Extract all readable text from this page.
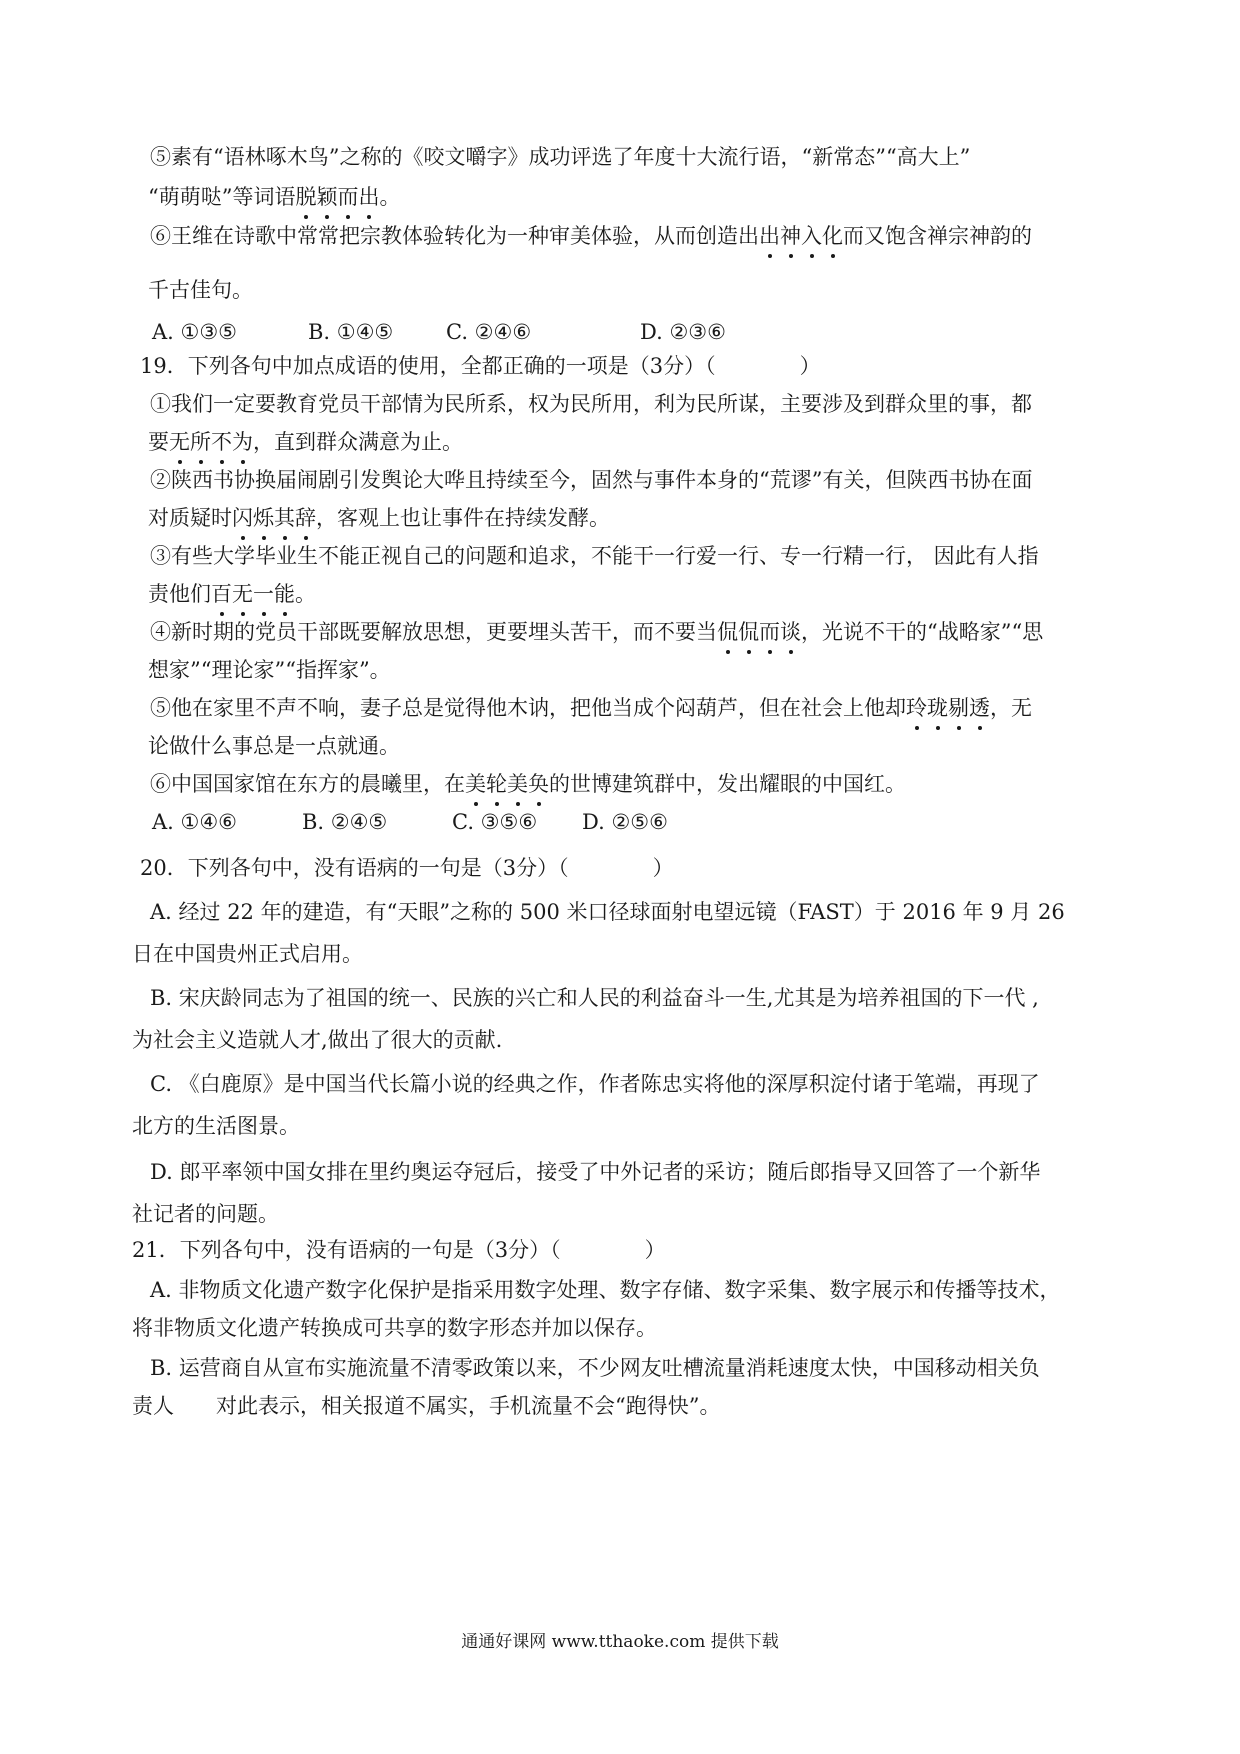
⑤素有“语林啄木鸟”之称的《咬文嚼字》成功评选了年度十大流行语，“新常态”“高大上”
“萌萌哒”等词语脱颖而出。
⑥王维在诗歌中常常把宗教体验转化为一种审美体验，从而创造出出神入化而又饱含禅宗神韵的
千古佳句。
A. ①③⑤	B. ①④⑤	C. ②④⑥	D. ②③⑥
19．下列各句中加点成语的使用，全都正确的一项是（3分）（　　　　）
①我们一定要教育党员干部情为民所系，权为民所用，利为民所谋，主要涉及到群众里的事，都
要无所不为，直到群众满意为止。
②陕西书协换届闹剧引发舆论大哗且持续至今，固然与事件本身的“荒谬”有关，但陕西书协在面
对质疑时闪烁其辞，客观上也让事件在持续发酵。
③有些大学毕业生不能正视自己的问题和追求，不能干一行爱一行、专一行精一行， 因此有人指
责他们百无一能。
④新时期的党员干部既要解放思想，更要埋头苦干，而不要当侃侃而谈，光说不干的“战略家”“思
想家”“理论家”“指挥家”。
⑤他在家里不声不响，妻子总是觉得他木讷，把他当成个闷葫芦，但在社会上他却玲珑剔透，无
论做什么事总是一点就通。
⑥中国国家馆在东方的晨曦里，在美轮美奂的世博建筑群中，发出耀眼的中国红。
A. ①④⑥	B. ②④⑤	C. ③⑤⑥ D. ②⑤⑥
20．下列各句中，没有语病的一句是（3分）（　　　　）
A. 经过 22 年的建造，有“天眼”之称的 500 米口径球面射电望远镜（FAST）于 2016 年 9 月 26
日在中国贵州正式启用。
B. 宋庆龄同志为了祖国的统一、民族的兴亡和人民的利益奋斗一生,尤其是为培养祖国的下一代 ,
为社会主义造就人才,做出了很大的贡献.
C. 《白鹿原》是中国当代长篇小说的经典之作，作者陈忠实将他的深厚积淀付诸于笔端，再现了
北方的生活图景。
D. 郎平率领中国女排在里约奥运夺冠后，接受了中外记者的采访；随后郎指导又回答了一个新华
社记者的问题。
21．下列各句中，没有语病的一句是（3分）（　　　　）
A. 非物质文化遗产数字化保护是指采用数字处理、数字存储、数字采集、数字展示和传播等技术，
将非物质文化遗产转换成可共享的数字形态并加以保存。
B. 运营商自从宣布实施流量不清零政策以来，不少网友吐槽流量消耗速度太快，中国移动相关负
责人　　对此表示，相关报道不属实，手机流量不会“跑得快”。
通通好课网 www.tthaoke.com 提供下载
